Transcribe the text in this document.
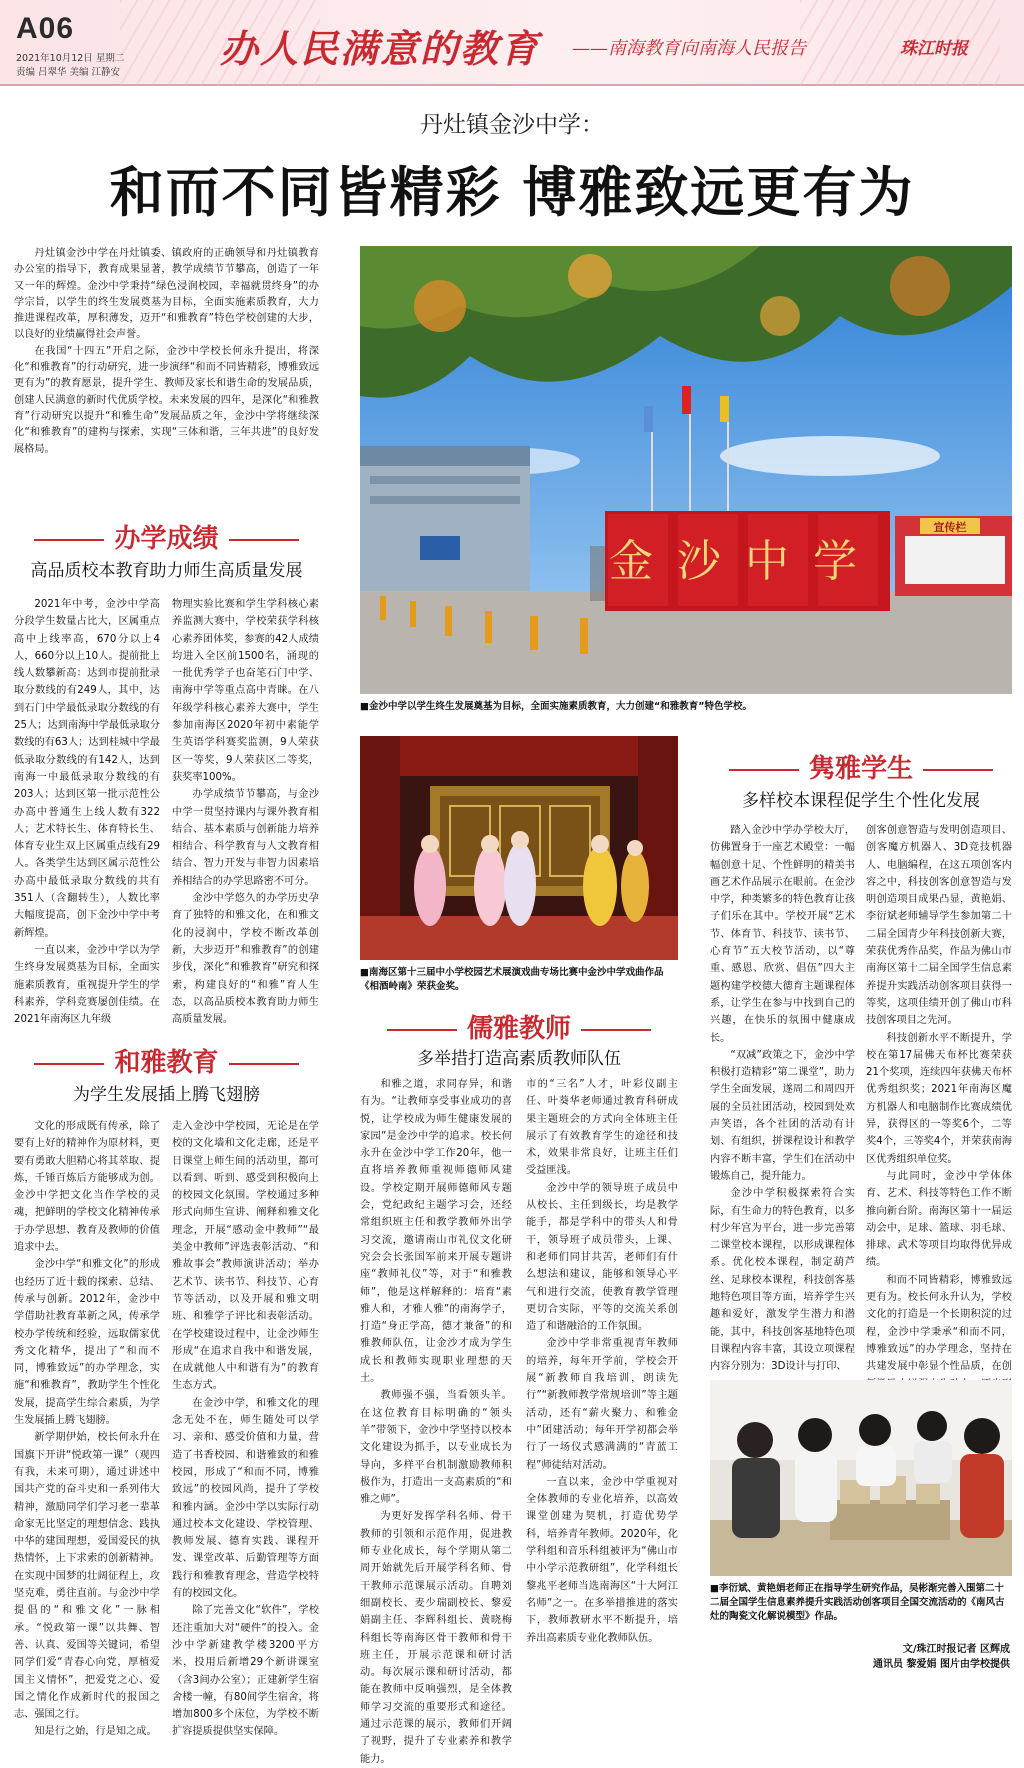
A06
2021年10月12日 星期二
责编 吕翠华 美编 江静安
办人民满意的教育 ——南海教育向南海人民报告	珠江时报
丹灶镇金沙中学：
和而不同皆精彩 博雅致远更有为

丹灶镇金沙中学在丹灶镇委、镇政府的正确领导和丹灶镇教育办公室的指导下，教育成果显著，教学成绩节节攀高，创造了一年又一年的辉煌。金沙中学秉持“绿色浸润校园，幸福就贯终身”的办学宗旨，以学生的终生发展奠基为目标，全面实施素质教育，大力推进课程改革，厚积薄发，迈开“和雅教育”特色学校创建的大步，以良好的业绩赢得社会声誉。

在我国“十四五”开启之际，金沙中学校长何永升提出，将深化“和雅教育”的行动研究，进一步演绎“和而不同皆精彩，博雅致远更有为”的教育愿景，提升学生、教师及家长和谐生命的发展品质，创建人民满意的新时代优质学校。未来发展的四年，是深化“和雅教育”行动研究以提升“和雅生命”发展品质之年，金沙中学将继续深化“和雅教育”的建构与探索，实现“三体和谐，三年共进”的良好发展格局。

金沙中学
宣传栏
■金沙中学以学生终生发展奠基为目标，全面实施素质教育，大力创建“和雅教育”特色学校。
办学成绩
高品质校本教育助力师生高质量发展

2021年中考，金沙中学高分段学生数量占比大，区属重点高中上线率高，670分以上4人，660分以上10人。提前批上线人数攀新高：达到市提前批录取分数线的有249人，其中，达到石门中学最低录取分数线的有25人；达到南海中学最低录取分数线的有63人；达到桂城中学最低录取分数线的有142人，达到南海一中最低录取分数线的有203人；达到区第一批示范性公办高中普通生上线人数有322人；艺术特长生、体育特长生、体育专业生双上区属重点线有29人。各类学生达到区属示范性公办高中最低录取分数线的共有351人（含翻转生），人数比率大幅度提高，创下金沙中学中考新辉煌。

一直以来，金沙中学以为学生终身发展奠基为目标，全面实施素质教育，重视提升学生的学科素养，学科竞赛屡创佳绩。在2021年南海区九年级

物理实验比赛和学生学科核心素养监测大赛中，学校荣获学科核心素养团体奖，参赛的42人成绩均进入全区前1500名，涌现的一批优秀学子也奋笔石门中学、南海中学等重点高中青睐。在八年级学科核心素养大赛中，学生参加南海区2020年初中素能学生英语学科赛奖监测，9人荣获区一等奖，9人荣获区二等奖，获奖率100%。

办学成绩节节攀高，与金沙中学一贯坚持课内与课外教育相结合、基本素质与创新能力培养相结合、科学教育与人文教育相结合、智力开发与非智力因素培养相结合的办学思路密不可分。

金沙中学悠久的办学历史孕育了独特的和雅文化，在和雅文化的浸润中，学校不断改革创新，大步迈开“和雅教育”的创建步伐，深化“和雅教育”研究和探索，构建良好的“和雅”育人生态，以高品质校本教育助力师生高质量发展。

■南海区第十三届中小学校园艺术展演戏曲专场比赛中金沙中学戏曲作品《相酒岭南》荣获金奖。
儒雅教师
多举措打造高素质教师队伍

和雅之道，求同存异，和谐有为。“让教师享受事业成功的喜悦，让学校成为师生健康发展的家园”是金沙中学的追求。校长何永升在金沙中学工作20年，他一直将培养教师重视师德师风建设。学校定期开展师德师风专题会，党纪政纪主题学习会，还经常组织班主任和教学教师外出学习交流，邀请南山市礼仪文化研究会会长张国军前来开展专题讲座“教师礼仪”等，对于“和雅教师”，他是这样解释的：培育“素雅人和，才雅人雅”的南海学子，打造“身正学高，德才兼备”的和雅教师队伍，让金沙才成为学生成长和教师实现职业理想的天土。

教师强不强，当看领头羊。在这位教育目标明确的“领头羊”带领下，金沙中学坚持以校本文化建设为抓手，以专业成长为导向，多样平台机制激励教师积极作为，打造出一支高素质的“和雅之师”。

为更好发挥学科名师、骨干教师的引领和示范作用，促进教师专业化成长，每个学期从第二周开始就先后开展学科名师、骨干教师示范课展示活动。自聘刘细副校长、麦少瑞副校长、黎爱娟副主任、李辉科组长、黄晓梅科组长等南海区骨干教师和骨干班主任，开展示范课和研讨活动。每次展示课和研讨活动，都能在教师中反响强烈，是全体教师学习交流的重要形式和途径。通过示范课的展示，教师们开阔了视野，提升了专业素养和教学能力。

市的“三名”人才，叶彩仪副主任、叶葵华老师通过教育科研成果主题班会的方式向全体班主任展示了有效教育学生的途径和技术，效果非常良好，让班主任们受益匪浅。

金沙中学的领导班子成员中从校长、主任到级长，均是教学能手，都是学科中的带头人和骨干，领导班子成员带头，上课、和老师们同甘共苦，老师们有什么想法和建议，能够和领导心平气和进行交流，使教育教学管理更切合实际，平等的交流关系创造了和谐融洽的工作氛围。

金沙中学非常重视青年教师的培养，每年开学前，学校会开展“新教师自我培训，朗读先行”“新教师教学常规培训”等主题活动，还有“薪火聚力、和雅金中”团建活动；每年开学初都会举行了一场仪式感满满的“青蓝工程”师徒结对活动。

一直以来，金沙中学重视对全体教师的专业化培养，以高效课堂创建为契机，打造优势学科，培养青年教师。2020年，化学科组和音乐科组被评为“佛山市中小学示范教研组”，化学科组长黎兆平老师当选南海区“十大阿江名师”之一。在多举措推进的落实下，教师教研水平不断提升，培养出高素质专业化教师队伍。

和雅教育
为学生发展插上腾飞翅膀

文化的形成既有传承，除了要有上好的精神作为原材料，更要有勇敢大胆精心将其萃取、提炼，千锤百炼后方能够成为创。金沙中学把文化当作学校的灵魂，把鲜明的学校文化精神传承于办学思想、教育及教师的价值追求中去。

金沙中学“和雅文化”的形成也经历了近十载的探索、总结、传承与创新。2012年，金沙中学借助社教育革新之风，传承学校办学传统和经验，远取儒家优秀文化精华，提出了“和而不同，博雅致远”的办学理念，实施“和雅教育”，教助学生个性化发展，提高学生综合素质，为学生发展插上腾飞翅膀。

新学期伊始，校长何永升在国旗下开讲“悦政第一课”（观四有我，未来可期），通过讲述中国共产党的奋斗史和一系列伟大精神，激励同学们学习老一辈革命家无比坚定的理想信念、践执中华的建国理想，爱国爱民的执热情怀，上下求索的创新精神。在实现中国梦的壮阔征程上，攻坚克难，勇往直前。与金沙中学提倡的“和雅文化”一脉相承。“悦政第一课”以共舞、智善、认真、爱国等关键词，希望同学们爱“青春心向党，厚植爱国主义情怀”，把爱党之心、爱国之情化作成新时代的报国之志、强国之行。

知是行之始，行是知之成。

走入金沙中学校园，无论是在学校的文化墙和文化走廊，还是平日课堂上师生间的活动里，都可以看到、听到、感受到积极向上的校园文化氛围。学校通过多种形式向师生宣讲、阐释和雅文化理念，开展“感动金中教师”“最美金中教师”评选表彰活动、“和雅故事会”教师演讲活动；举办艺术节、读书节、科技节、心育节等活动，以及开展和雅文明班、和雅学子评比和表彰活动。在学校建设过程中，让金沙师生形成“在追求自我中和谐发展，在成就他人中和谐有为”的教育生态方式。

在金沙中学，和雅文化的理念无处不在，师生随处可以学习、亲和、感受价值和力量，营造了书香校园、和谐雅致的和雅校园，形成了“和而不同，博雅致远”的校园风尚，提升了学校和雅内涵。金沙中学以实际行动通过校本文化建设、学校管理、教师发展、德育实践、课程开发、课堂改革、后勤管理等方面践行和雅教育理念，营造学校特有的校园文化。

除了完善文化“软件”，学校还注重加大对“硬件”的投入。金沙中学新建教学楼3200平方米，投用后新增29个新讲课室（含3间办公室）；正建新学生宿舍楼一幢，有80间学生宿舍，将增加800多个床位，为学校不断扩容提质提供坚实保障。

隽雅学生
多样校本课程促学生个性化发展

踏入金沙中学办学校大厅，仿佛置身于一座艺术殿堂：一幅幅创意十足、个性鲜明的精美书画艺术作品展示在眼前。在金沙中学，种类繁多的特色教育让孩子们乐在其中。学校开展“艺术节、体育节、科技节、读书节、心育节”五大校节活动，以“尊重、感恩、欣赏、倡伍”四大主题构建学校德大德育主题课程体系，让学生在参与中找到自己的兴趣，在快乐的氛围中健康成长。

“双减”政策之下，金沙中学积极打造精彩“第二课堂”，助力学生全面发展，遂周二和周四开展的全员社团活动，校园到处欢声笑语，各个社团的活动有计划、有组织，拼课程设计和教学内容不断丰富，学生们在活动中锻炼自己，提升能力。

金沙中学积极探索符合实际，有生命力的特色教育，以多村少年宫为平台，进一步完善第二课堂校本课程，以形成课程体系。优化校本课程，制定葫芦丝、足球校本课程，科技创客基地特色项目等方面，培养学生兴趣和爱好，激发学生潜力和潜能，其中，科技创客基地特色项目课程内容丰富，其设立项课程内容分别为：3D设计与打印、

创客创意智造与发明创造项目、创客魔方机器人、3D竞技机器人、电脑编程，在这五项创客内容之中，科技创客创意智造与发明创造项目成果凸显，黄艳娟、李衍斌老师辅导学生参加第二十二届全国青少年科技创新大赛，荣获优秀作品奖，作品为佛山市南海区第十二届全国学生信息素养提升实践活动创客项目获得一等奖，这项佳绩开创了佛山市科技创客项目之先河。

科技创新水平不断提升，学校在第17届佛天布杯比赛荣获21个奖项，连续四年获佛天布杯优秀组织奖；2021年南海区魔方机器人和电脑制作比赛成绩优异，获得区的一等奖6个，二等奖4个，三等奖4个，并荣获南海区优秀组织单位奖。

与此同时，金沙中学体体育、艺术、科技等特色工作不断推向新台阶。南海区第十一届运动会中，足球、篮球、羽毛球、排球、武术等项目均取得优异成绩。

和而不同皆精彩，博雅致远更有为。校长何永升认为，学校文化的打造是一个长期积淀的过程，金沙中学秉承“和而不同，博雅致远”的办学理念，坚持在共建发展中彰显个性品质，在创

■李衍斌、黄艳娟老师正在指导学生研究作品，吴彬渐完善入围第二十二届全国学生信息素养提升实践活动创客项目全国交流活动的《南风古灶的陶瓷文化解说模型》作品。
文/珠江时报记者 区辉成
通讯员 黎爱娟 图片由学校提供
